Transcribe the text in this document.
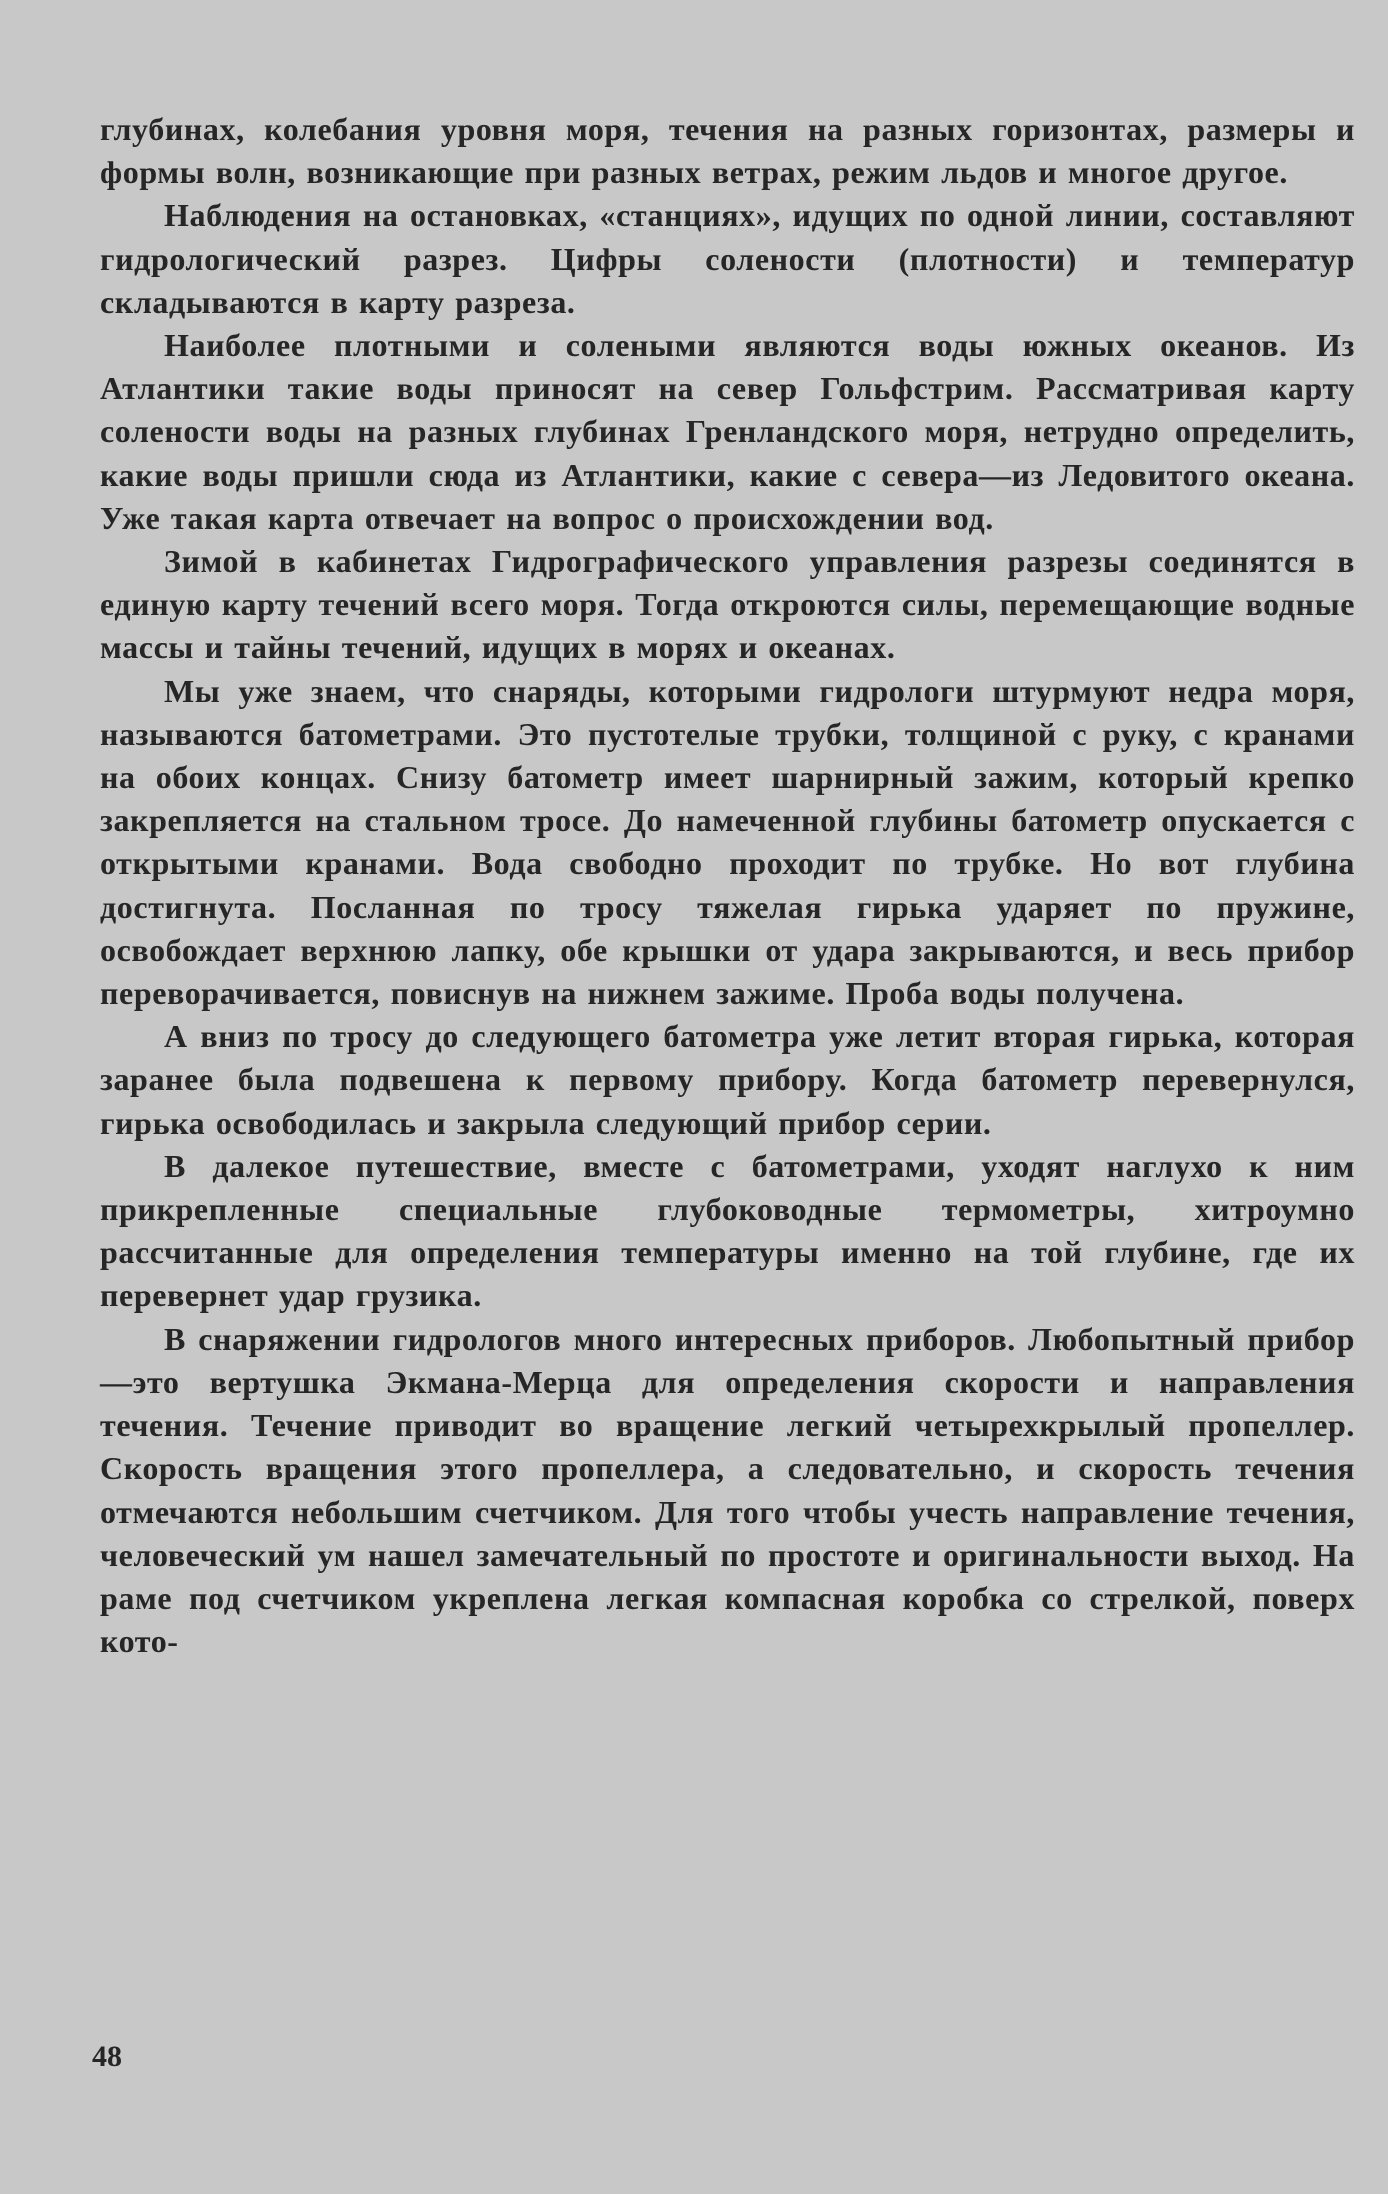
глубинах, колебания уровня моря, течения на разных горизонтах, размеры и формы волн, возникающие при разных ветрах, режим льдов и многое другое.

Наблюдения на остановках, «станциях», идущих по одной линии, составляют гидрологический разрез. Цифры солености (плотности) и температур складываются в карту разреза.

Наиболее плотными и солеными являются воды южных океанов. Из Атлантики такие воды приносят на север Гольфстрим. Рассматривая карту солености воды на разных глубинах Гренландского моря, нетрудно определить, какие воды пришли сюда из Атлантики, какие с севера—из Ледовитого океана. Уже такая карта отвечает на вопрос о происхождении вод.

Зимой в кабинетах Гидрографического управления разрезы соединятся в единую карту течений всего моря. Тогда откроются силы, перемещающие водные массы и тайны течений, идущих в морях и океанах.

Мы уже знаем, что снаряды, которыми гидрологи штурмуют недра моря, называются батометрами. Это пустотелые трубки, толщиной с руку, с кранами на обоих концах. Снизу батометр имеет шарнирный зажим, который крепко закрепляется на стальном тросе. До намеченной глубины батометр опускается с открытыми кранами. Вода свободно проходит по трубке. Но вот глубина достигнута. Посланная по тросу тяжелая гирька ударяет по пружине, освобождает верхнюю лапку, обе крышки от удара закрываются, и весь прибор переворачивается, повиснув на нижнем зажиме. Проба воды получена.

А вниз по тросу до следующего батометра уже летит вторая гирька, которая заранее была подвешена к первому прибору. Когда батометр перевернулся, гирька освободилась и закрыла следующий прибор серии.

В далекое путешествие, вместе с батометрами, уходят наглухо к ним прикрепленные специальные глубоководные термометры, хитроумно рассчитанные для определения температуры именно на той глубине, где их перевернет удар грузика.

В снаряжении гидрологов много интересных приборов. Любопытный прибор—это вертушка Экмана-Мерца для определения скорости и направления течения. Течение приводит во вращение легкий четырехкрылый пропеллер. Скорость вращения этого пропеллера, а следовательно, и скорость течения отмечаются небольшим счетчиком. Для того чтобы учесть направление течения, человеческий ум нашел замечательный по простоте и оригинальности выход. На раме под счетчиком укреплена легкая компасная коробка со стрелкой, поверх кото-

48
